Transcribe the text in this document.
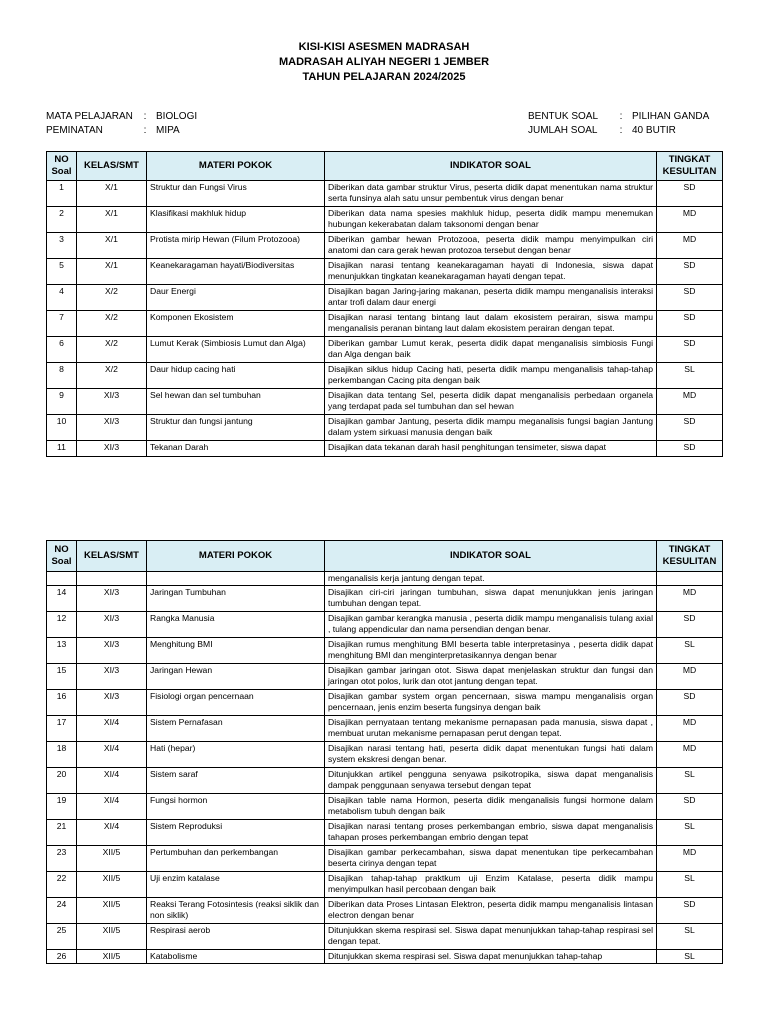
KISI-KISI ASESMEN MADRASAH
MADRASAH ALIYAH NEGERI 1 JEMBER
TAHUN PELAJARAN 2024/2025
MATA PELAJARAN : BIOLOGI
PEMINATAN	: MIPA
BENTUK SOAL : PILIHAN GANDA
JUMLAH SOAL : 40 BUTIR
NO Soal	KELAS/SMT	MATERI POKOK	INDIKATOR SOAL	TINGKAT KESULITAN
1	X/1	Struktur dan Fungsi Virus	Diberikan data gambar struktur Virus, peserta didik dapat menentukan nama struktur serta funsinya alah satu unsur pembentuk virus dengan benar	SD
2	X/1	Klasifikasi makhluk hidup	Diberikan data nama spesies makhluk hidup, peserta didik mampu menemukan hubungan kekerabatan dalam taksonomi dengan benar	MD
3	X/1	Protista mirip Hewan (Filum Protozooa)	Diberikan gambar hewan Protozooa, peserta didik mampu menyimpulkan ciri anatomi dan cara gerak hewan protozoa tersebut dengan benar	MD
5	X/1	Keanekaragaman hayati/Biodiversitas	Disajikan narasi tentang keanekaragaman hayati di Indonesia, siswa dapat menunjukkan tingkatan keanekaragaman hayati dengan tepat.	SD
4	X/2	Daur Energi	Disajikan bagan Jaring-jaring makanan, peserta didik mampu menganalisis interaksi antar trofi dalam daur energi	SD
7	X/2	Komponen Ekosistem	Disajikan narasi tentang bintang laut dalam ekosistem perairan, siswa mampu menganalisis peranan bintang laut dalam ekosistem perairan dengan tepat.	SD
6	X/2	Lumut Kerak (Simbiosis Lumut dan Alga)	Diberikan gambar Lumut kerak, peserta didik dapat menganalisis simbiosis Fungi dan Alga dengan baik	SD
8	X/2	Daur hidup cacing hati	Disajikan siklus hidup Cacing hati, peserta didik mampu menganalisis tahap-tahap perkembangan Cacing pita dengan baik	SL
9	XI/3	Sel hewan dan sel tumbuhan	Disajikan data tentang Sel, peserta didik dapat menganalisis perbedaan organela yang terdapat pada sel tumbuhan dan sel hewan	MD
10	XI/3	Struktur dan fungsi jantung	Disajikan gambar Jantung, peserta didik mampu meganalisis fungsi bagian Jantung dalam ystem sirkuasi manusia dengan baik	SD
11	XI/3	Tekanan Darah	Disajikan data tekanan darah hasil penghitungan tensimeter, siswa dapat	SD
NO Soal	KELAS/SMT	MATERI POKOK	INDIKATOR SOAL	TINGKAT KESULITAN
			menganalisis kerja jantung dengan tepat.	
14	XI/3	Jaringan Tumbuhan	Disajikan ciri-ciri jaringan tumbuhan, siswa dapat menunjukkan jenis jaringan tumbuhan dengan tepat.	MD
12	XI/3	Rangka Manusia	Disajikan gambar kerangka manusia , peserta didik mampu menganalisis tulang axial , tulang appendicular dan nama persendian dengan benar.	SD
13	XI/3	Menghitung BMI	Disajikan rumus menghitung BMI beserta table interpretasinya , peserta didik dapat menghitung BMI dan menginterpretasikannya dengan benar	SL
15	XI/3	Jaringan Hewan	Disajikan gambar jaringan otot. Siswa dapat menjelaskan struktur dan fungsi dan jaringan otot polos, lurik dan otot jantung dengan tepat.	MD
16	XI/3	Fisiologi organ pencernaan	Disajikan gambar system organ pencernaan, siswa mampu menganalisis organ pencernaan, jenis enzim beserta fungsinya dengan baik	SD
17	XI/4	Sistem Pernafasan	Disajikan pernyataan tentang mekanisme pernapasan pada manusia, siswa dapat , membuat urutan mekanisme pernapasan perut dengan tepat.	MD
18	XI/4	Hati (hepar)	Disajikan narasi tentang hati, peserta didik dapat menentukan fungsi hati dalam system ekskresi dengan benar.	MD
20	XI/4	Sistem saraf	Ditunjukkan artikel pengguna senyawa psikotropika, siswa dapat menganalisis dampak penggunaan senyawa tersebut dengan tepat	SL
19	XI/4	Fungsi hormon	Disajikan table nama Hormon, peserta didik menganalisis fungsi hormone dalam metabolism tubuh dengan baik	SD
21	XI/4	Sistem Reproduksi	Disajikan narasi tentang proses perkembangan embrio, siswa dapat menganalisis tahapan proses perkembangan embrio dengan tepat	SL
23	XII/5	Pertumbuhan dan perkembangan	Disajikan gambar perkecambahan, siswa dapat menentukan tipe perkecambahan beserta cirinya dengan tepat	MD
22	XII/5	Uji enzim katalase	Disajikan tahap-tahap praktkum uji Enzim Katalase, peserta didik mampu menyimpulkan hasil percobaan dengan baik	SL
24	XII/5	Reaksi Terang Fotosintesis (reaksi siklik dan non siklik)	Diberikan data Proses Lintasan Elektron, peserta didik mampu menganalisis lintasan electron dengan benar	SD
25	XII/5	Respirasi aerob	Ditunjukkan skema respirasi sel. Siswa dapat menunjukkan tahap-tahap respirasi sel dengan tepat.	SL
26	XII/5	Katabolisme	Ditunjukkan skema respirasi sel. Siswa dapat menunjukkan tahap-tahap	SL
